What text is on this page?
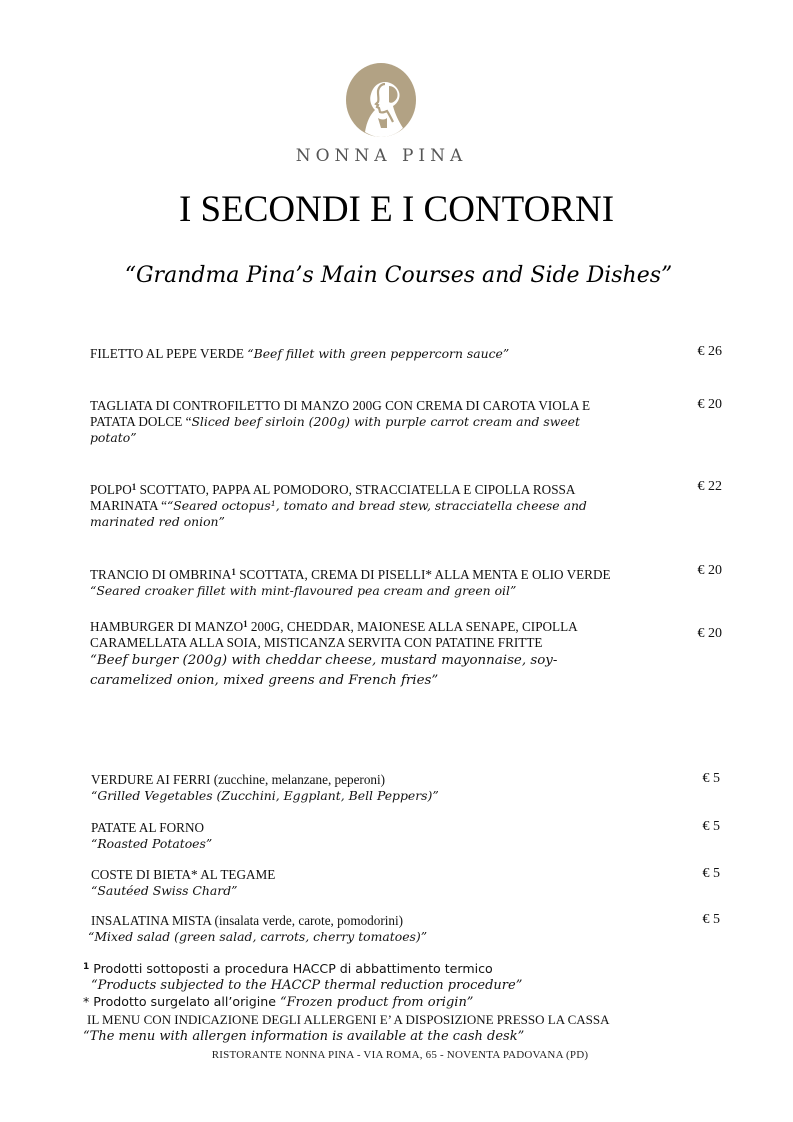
NONNA PINA
I SECONDI E I CONTORNI
“Grandma Pina’s Main Courses and Side Dishes”
FILETTO AL PEPE VERDE “Beef fillet with green peppercorn sauce”	€ 26
TAGLIATA DI CONTROFILETTO DI MANZO 200G CON CREMA DI CAROTA VIOLA E PATATA DOLCE “Sliced beef sirloin (200g) with purple carrot cream and sweet potato”
€ 20
POLPO$^1$ SCOTTATO, PAPPA AL POMODORO, STRACCIATELLA E CIPOLLA ROSSA MARINATA ““Seared octopus¹, tomato and bread stew, stracciatella cheese and marinated red onion”
€ 22
TRANCIO DI OMBRINA$^1$ SCOTTATA, CREMA DI PISELLI* ALLA MENTA E OLIO VERDE “Seared croaker fillet with mint-flavoured pea cream and green oil”
€ 20
HAMBURGER DI MANZO$^1$ 200G, CHEDDAR, MAIONESE ALLA SENAPE, CIPOLLA CARAMELLATA ALLA SOIA, MISTICANZA SERVITA CON PATATINE FRITTE
“Beef burger (200g) with cheddar cheese, mustard mayonnaise, soy-caramelized onion, mixed greens and French fries”
€ 20
VERDURE AI FERRI (zucchine, melanzane, peperoni)
“Grilled Vegetables (Zucchini, Eggplant, Bell Peppers)”
€ 5
PATATE AL FORNO
“Roasted Potatoes”
€ 5
COSTE DI BIETA* AL TEGAME
“Sautéed Swiss Chard”
€ 5
INSALATINA MISTA (insalata verde, carote, pomodorini)
“Mixed salad (green salad, carrots, cherry tomatoes)”
€ 5
$^1$ Prodotti sottoposti a procedura HACCP di abbattimento termico
“Products subjected to the HACCP thermal reduction procedure”
* Prodotto surgelato all’origine “Frozen product from origin”
IL MENU CON INDICAZIONE DEGLI ALLERGENI E’ A DISPOSIZIONE PRESSO LA CASSA “The menu with allergen information is available at the cash desk”
RISTORANTE NONNA PINA - VIA ROMA, 65 - NOVENTA PADOVANA (PD)
